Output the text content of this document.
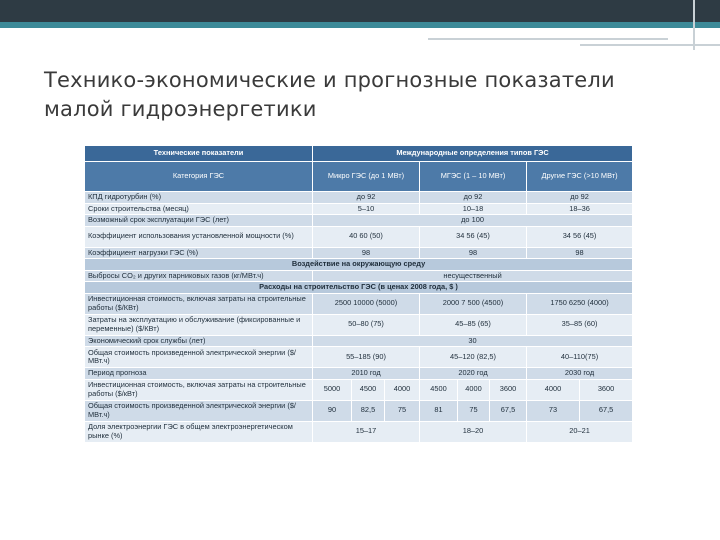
Технико-экономические и прогнозные показатели
малой гидроэнергетики
Технические показатели	Международные определения типов ГЭС							
Категория ГЭС	Микро ГЭС (до 1 МВт)			МГЭС (1 – 10 МВт)			Другие ГЭС (>10 МВт)	
КПД гидротурбин (%)	до 92			до 92			до 92	
Сроки строительства (месяц)	5–10			10–18			18–36	
Возможный срок эксплуатации ГЭС (лет)	до 100							
Коэффициент использования установленной мощности (%)	40 60 (50)			34 56 (45)			34 56 (45)	
Коэффициент нагрузки ГЭС (%)	98			98			98	
Воздействие на окружающую среду								
Выбросы CO₂ и других парниковых газов (кг/МВт.ч)	несущественный							
Расходы на строительство ГЭС (в ценах 2008 года, $ )								
Инвестиционная стоимость, включая затраты на строительные работы ($/КВт)	2500 10000 (5000)			2000 7 500 (4500)			1750 6250 (4000)	
Затраты на эксплуатацию и обслуживание (фиксированные и переменные) ($/КВт)	50–80 (75)			45–85 (65)			35–85 (60)	
Экономический срок службы (лет)	30							
Общая стоимость произведенной электрической энергии ($/МВт.ч)	55–185 (90)			45–120 (82,5)			40–110(75)	
Период прогноза	2010 год			2020 год			2030 год	
Инвестиционная стоимость, включая затраты на строительные работы ($/кВт)	5000	4500	4000	4500	4000	3600	4000	3600
Общая стоимость произведенной электрической энергии ($/МВт.ч)	90	82,5	75	81	75	67,5	73	67,5
Доля электроэнергии ГЭС в общем электроэнергетическом рынке (%)	15–17			18–20			20–21	
